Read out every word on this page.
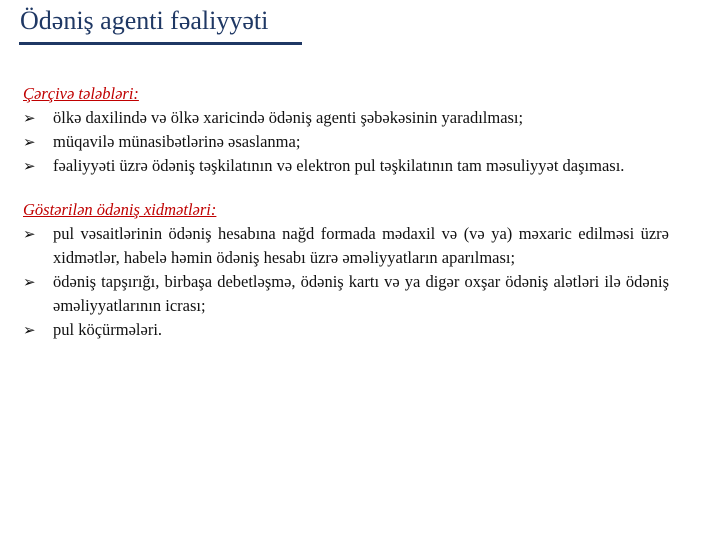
Ödəniş agenti fəaliyyəti
Çərçivə tələbləri:
➢ ölkə daxilində və ölkə xaricində ödəniş agenti şəbəkəsinin yaradılması;
➢ müqavilə münasibətlərinə əsaslanma;
➢ fəaliyyəti üzrə ödəniş təşkilatının və elektron pul təşkilatının tam məsuliyyət daşıması.
Göstərilən ödəniş xidmətləri:
➢ pul vəsaitlərinin ödəniş hesabına nağd formada mədaxil və (və ya) məxaric edilməsi üzrə xidmətlər, habelə həmin ödəniş hesabı üzrə əməliyyatların aparılması;
➢ ödəniş tapşırığı, birbaşa debetləşmə, ödəniş kartı və ya digər oxşar ödəniş alətləri ilə ödəniş əməliyyatlarının icrası;
➢ pul köçürmələri.
